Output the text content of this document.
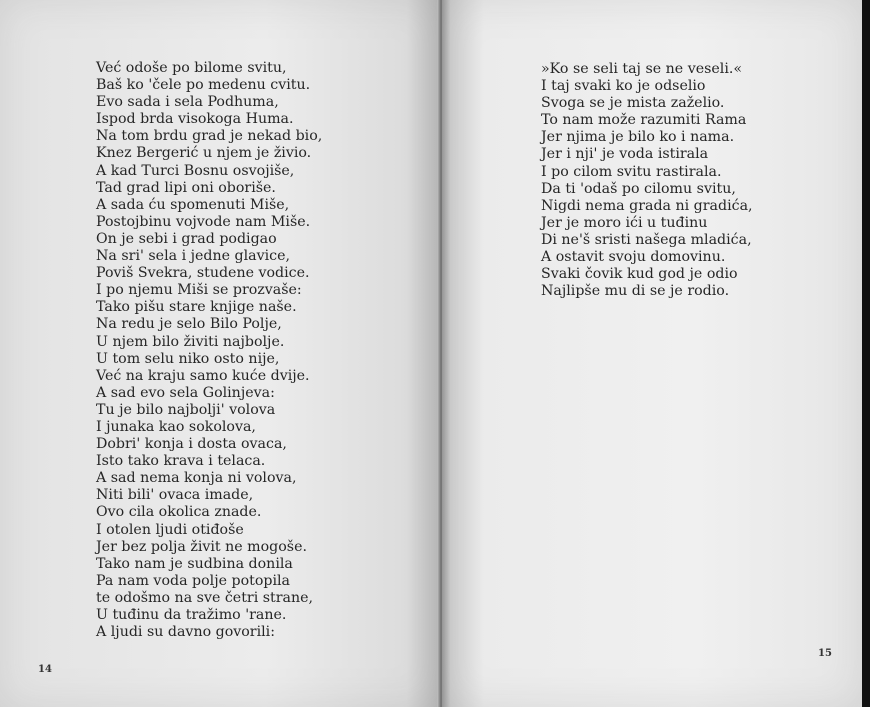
Već odoše po bilome svitu,
Baš ko 'čele po medenu cvitu.
Evo sada i sela Podhuma,
Ispod brda visokoga Huma.
Na tom brdu grad je nekad bio,
Knez Bergerić u njem je živio.
A kad Turci Bosnu osvojiše,
Tad grad lipi oni oboriše.
A sada ću spomenuti Miše,
Postojbinu vojvode nam Miše.
On je sebi i grad podigao
Na sri' sela i jedne glavice,
Poviš Svekra, studene vodice.
I po njemu Miši se prozvaše:
Tako pišu stare knjige naše.
Na redu je selo Bilo Polje,
U njem bilo živiti najbolje.
U tom selu niko osto nije,
Već na kraju samo kuće dvije.
A sad evo sela Golinjeva:
Tu je bilo najbolji' volova
I junaka kao sokolova,
Dobri' konja i dosta ovaca,
Isto tako krava i telaca.
A sad nema konja ni volova,
Niti bili' ovaca imade,
Ovo cila okolica znade.
I otolen ljudi otiđoše
Jer bez polja živit ne mogoše.
Tako nam je sudbina donila
Pa nam voda polje potopila
te odošmo na sve četri strane,
U tuđinu da tražimo 'rane.
A ljudi su davno govorili:
14
15
»Ko se seli taj se ne veseli.«
I taj svaki ko je odselio
Svoga se je mista zaželio.
To nam može razumiti Rama
Jer njima je bilo ko i nama.
Jer i nji' je voda istirala
I po cilom svitu rastirala.
Da ti 'odaš po cilomu svitu,
Nigdi nema grada ni gradića,
Jer je moro ići u tuđinu
Di ne'š sristi našega mladića,
A ostavit svoju domovinu.
Svaki čovik kud god je odio
Najlipše mu di se je rodio.
